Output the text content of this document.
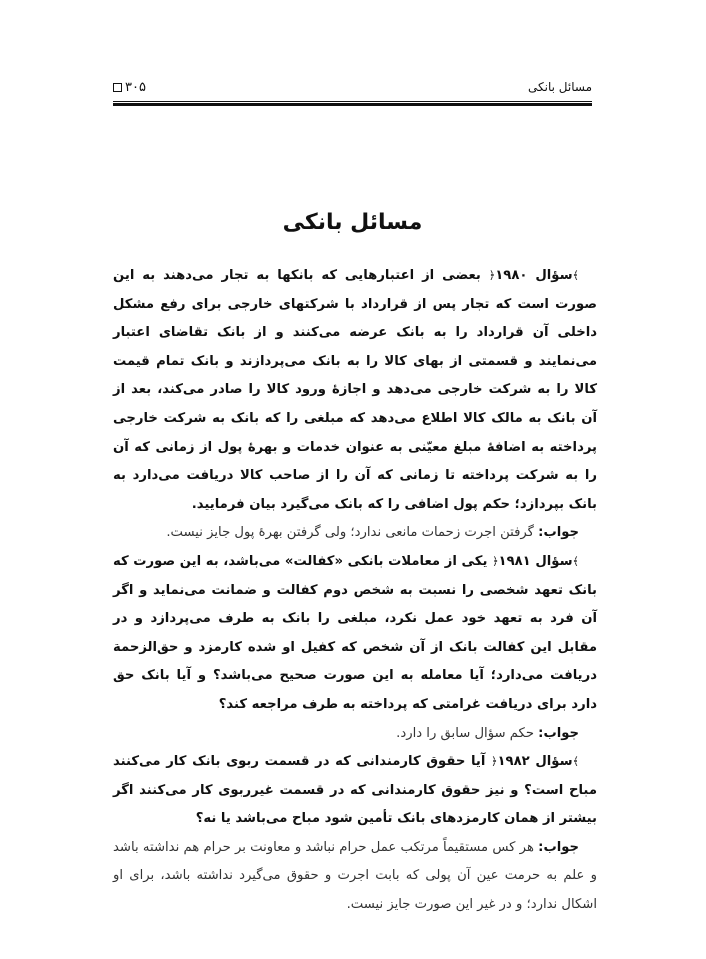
مسائل بانکی
۳۰۵
مسائل بانکی

﴾سؤال ۱۹۸۰﴿ بعضی از اعتبارهایی که بانکها به تجار می‌دهند به این صورت است که تجار پس از قرارداد با شرکتهای خارجی برای رفع مشکل داخلی آن قرارداد را به بانک عرضه می‌کنند و از بانک تقاضای اعتبار می‌نمایند و قسمتی از بهای کالا را به بانک می‌پردازند و بانک تمام قیمت کالا را به شرکت خارجی می‌دهد و اجازهٔ ورود کالا را صادر می‌کند، بعد از آن بانک به مالک کالا اطلاع می‌دهد که مبلغی را که بانک به شرکت خارجی پرداخته به اضافهٔ مبلغ معیّنی به عنوان خدمات و بهرهٔ پول از زمانی که آن را به شرکت پرداخته تا زمانی که آن را از صاحب کالا دریافت می‌دارد به بانک بپردازد؛ حکم پول اضافی را که بانک می‌گیرد بیان فرمایید.

جواب: گرفتن اجرت زحمات مانعی ندارد؛ ولی گرفتن بهرهٔ پول جایز نیست.

﴾سؤال ۱۹۸۱﴿ یکی از معاملات بانکی «کفالت» می‌باشد، به این صورت که بانک تعهد شخصی را نسبت به شخص دوم کفالت و ضمانت می‌نماید و اگر آن فرد به تعهد خود عمل نکرد، مبلغی را بانک به طرف می‌پردازد و در مقابل این کفالت بانک از آن شخص که کفیل او شده کارمزد و حق‌الزحمة دریافت می‌دارد؛ آیا معامله به این صورت صحیح می‌باشد؟ و آیا بانک حق دارد برای دریافت غرامتی که پرداخته به طرف مراجعه کند؟

جواب: حکم سؤال سابق را دارد.

﴾سؤال ۱۹۸۲﴿ آیا حقوق کارمندانی که در قسمت ربوی بانک کار می‌کنند مباح است؟ و نیز حقوق کارمندانی که در قسمت غیرربوی کار می‌کنند اگر بیشتر از همان کارمزدهای بانک تأمین شود مباح می‌باشد یا نه؟

جواب: هر کس مستقیماً مرتکب عمل حرام نباشد و معاونت بر حرام هم نداشته باشد و علم به حرمت عین آن پولی که بابت اجرت و حقوق می‌گیرد نداشته باشد، برای او اشکال ندارد؛ و در غیر این صورت جایز نیست.
